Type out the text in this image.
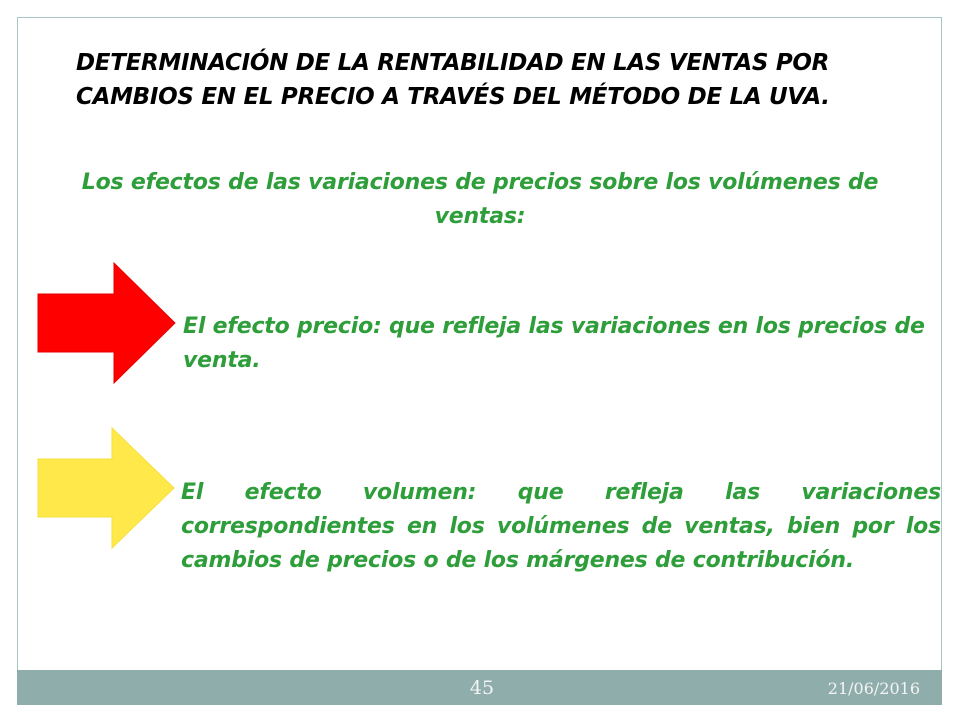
DETERMINACIÓN DE LA RENTABILIDAD EN LAS VENTAS POR
CAMBIOS EN EL PRECIO A TRAVÉS DEL MÉTODO DE LA UVA.

Los efectos de las variaciones de precios sobre los volúmenes de ventas:

El efecto precio: que refleja las variaciones en los precios de venta.

El efecto volumen: que refleja las variaciones correspondientes en los volúmenes de ventas, bien por los cambios de precios o de los márgenes de contribución.

45	21/06/2016
